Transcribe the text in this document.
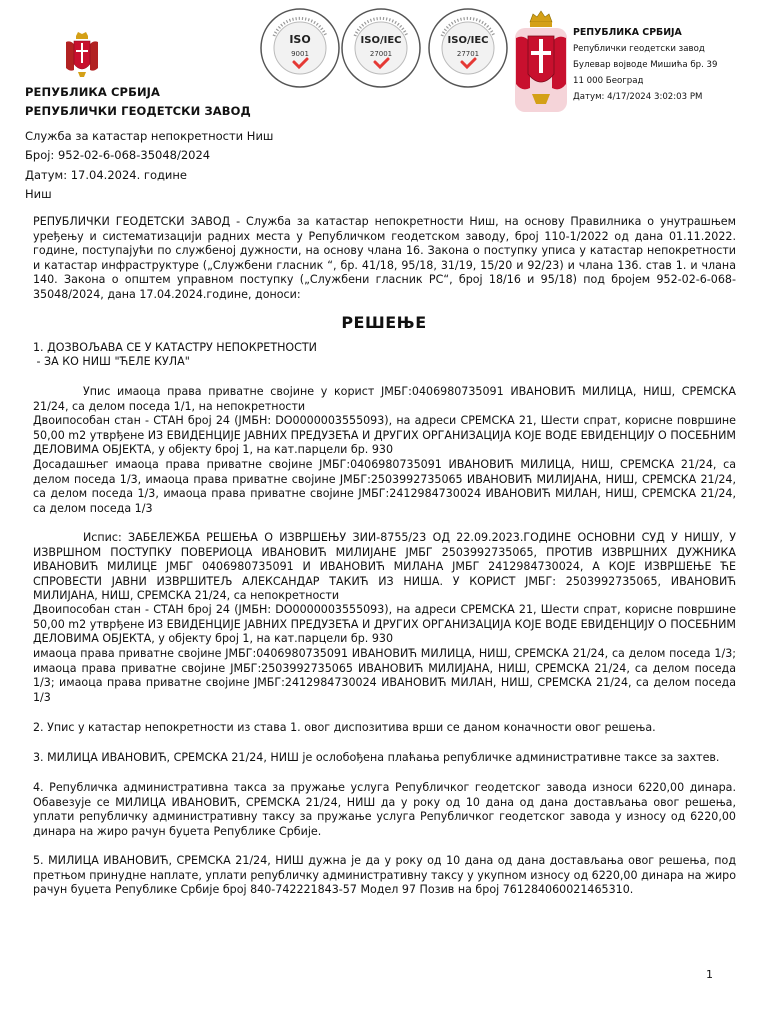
РЕПУБЛИКА СРБИЈА
РЕПУБЛИЧКИ ГЕОДЕТСКИ ЗАВОД
Служба за катастар непокретности Ниш
Број: 952-02-6-068-35048/2024
Датум: 17.04.2024. године
Ниш
ISO
9001
ISO/IEC
27001
ISO/IEC
27701
РЕПУБЛИКА СРБИЈА
Републички геодетски завод
Булевар војводе Мишића бр. 39
11 000 Београд
Датум: 4/17/2024 3:02:03 PM

РЕПУБЛИЧКИ ГЕОДЕТСКИ ЗАВОД - Служба за катастар непокретности Ниш, на основу Правилника о унутрашњем уређењу и систематизацији радних места у Републичком геодетском заводу, број 110-1/2022 од дана 01.11.2022. године, поступајући по службеној дужности, на основу члана 16. Закона о поступку уписа у катастар непокретности и катастар инфраструктуре („Службени гласник “, бр. 41/18, 95/18, 31/19, 15/20 и 92/23) и члана 136. став 1. и члана 140. Закона о општем управном поступку („Службени гласник РС“, број 18/16 и 95/18) под бројем 952-02-6-068-35048/2024, дана 17.04.2024.године, доноси:

РЕШЕЊЕ
1. ДОЗВОЉАВА СЕ У КАТАСТРУ НЕПОКРЕТНОСТИ
- ЗА КО НИШ "ЋЕЛЕ КУЛА"

Упис имаоца права приватне својине у корист ЈМБГ:0406980735091 ИВАНОВИЋ МИЛИЦА, НИШ, СРЕМСКА 21/24, са делом поседа 1/1, на непокретности

Двоипособан стан - СТАН број 24 (ЈМБН: DO0000003555093), на адреси СРЕМСКА 21, Шести спрат, корисне површине 50,00 m2 утврђене ИЗ ЕВИДЕНЦИЈЕ ЈАВНИХ ПРЕДУЗЕЋА И ДРУГИХ ОРГАНИЗАЦИЈА КОЈЕ ВОДЕ ЕВИДЕНЦИЈУ О ПОСЕБНИМ ДЕЛОВИМА ОБЈЕКТА, у објекту број 1, на кат.парцели бр. 930

Досадашњег имаоца права приватне својине ЈМБГ:0406980735091 ИВАНОВИЋ МИЛИЦА, НИШ, СРЕМСКА 21/24, са делом поседа 1/3, имаоца права приватне својине ЈМБГ:2503992735065 ИВАНОВИЋ МИЛИЈАНА, НИШ, СРЕМСКА 21/24, са делом поседа 1/3, имаоца права приватне својине ЈМБГ:2412984730024 ИВАНОВИЋ МИЛАН, НИШ, СРЕМСКА 21/24, са делом поседа 1/3

Испис: ЗАБЕЛЕЖБА РЕШЕЊА О ИЗВРШЕЊУ ЗИИ-8755/23 ОД 22.09.2023.ГОДИНЕ ОСНОВНИ СУД У НИШУ, У ИЗВРШНОМ ПОСТУПКУ ПОВЕРИОЦА ИВАНОВИЋ МИЛИЈАНЕ ЈМБГ 2503992735065, ПРОТИВ ИЗВРШНИХ ДУЖНИКА ИВАНОВИЋ МИЛИЦЕ ЈМБГ 0406980735091 И ИВАНОВИЋ МИЛАНА ЈМБГ 2412984730024, А КОЈЕ ИЗВРШЕЊЕ ЋЕ СПРОВЕСТИ ЈАВНИ ИЗВРШИТЕЉ АЛЕКСАНДАР ТАКИЋ ИЗ НИША. У КОРИСТ ЈМБГ: 2503992735065, ИВАНОВИЋ МИЛИЈАНА, НИШ, СРЕМСКА 21/24, са непокретности

Двоипособан стан - СТАН број 24 (ЈМБН: DO0000003555093), на адреси СРЕМСКА 21, Шести спрат, корисне површине 50,00 m2 утврђене ИЗ ЕВИДЕНЦИЈЕ ЈАВНИХ ПРЕДУЗЕЋА И ДРУГИХ ОРГАНИЗАЦИЈА КОЈЕ ВОДЕ ЕВИДЕНЦИЈУ О ПОСЕБНИМ ДЕЛОВИМА ОБЈЕКТА, у објекту број 1, на кат.парцели бр. 930

имаоца права приватне својине ЈМБГ:0406980735091 ИВАНОВИЋ МИЛИЦА, НИШ, СРЕМСКА 21/24, са делом поседа 1/3; имаоца права приватне својине ЈМБГ:2503992735065 ИВАНОВИЋ МИЛИЈАНА, НИШ, СРЕМСКА 21/24, са делом поседа 1/3; имаоца права приватне својине ЈМБГ:2412984730024 ИВАНОВИЋ МИЛАН, НИШ, СРЕМСКА 21/24, са делом поседа 1/3

2. Упис у катастар непокретности из става 1. овог диспозитива врши се даном коначности овог решења.

3. МИЛИЦА ИВАНОВИЋ, СРЕМСКА 21/24, НИШ је ослобођена плаћања републичке административне таксе за захтев.

4. Републичка административна такса за пружање услуга Републичког геодетског завода износи 6220,00 динара. Обавезује се МИЛИЦА ИВАНОВИЋ, СРЕМСКА 21/24, НИШ да у року од 10 дана од дана достављања овог решења, уплати републичку административну таксу за пружање услуга Републичког геодетског завода у износу од 6220,00 динара на жиро рачун буџета Републике Србије.

5. МИЛИЦА ИВАНОВИЋ, СРЕМСКА 21/24, НИШ дужна је да у року од 10 дана од дана достављања овог решења, под претњом принудне наплате, уплати републичку административну таксу у укупном износу од 6220,00 динара на жиро рачун буџета Републике Србије број 840-742221843-57 Модел 97 Позив на број 761284060021465310.

1
